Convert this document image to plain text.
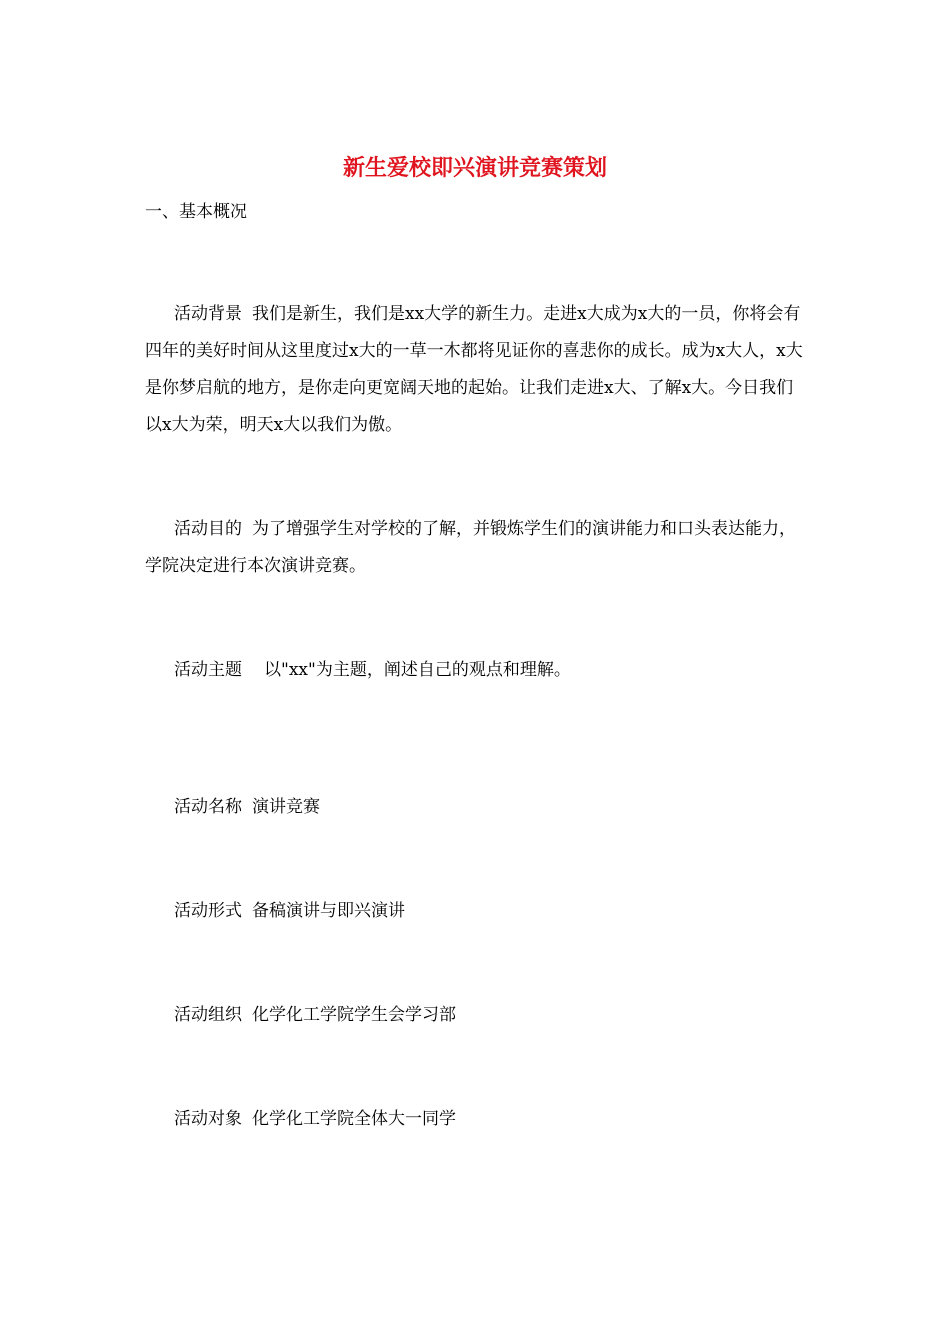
新生爱校即兴演讲竞赛策划
一、基本概况
活动背景 我们是新生，我们是xx大学的新生力。走进x大成为x大的一员，你将会有四年的美好时间从这里度过x大的一草一木都将见证你的喜悲你的成长。成为x大人，x大是你梦启航的地方，是你走向更宽阔天地的起始。让我们走进x大、了解x大。今日我们以x大为荣，明天x大以我们为傲。
活动目的 为了增强学生对学校的了解，并锻炼学生们的演讲能力和口头表达能力，学院决定进行本次演讲竞赛。
活动主题 以"xx"为主题，阐述自己的观点和理解。
活动名称 演讲竞赛
活动形式 备稿演讲与即兴演讲
活动组织 化学化工学院学生会学习部
活动对象 化学化工学院全体大一同学
